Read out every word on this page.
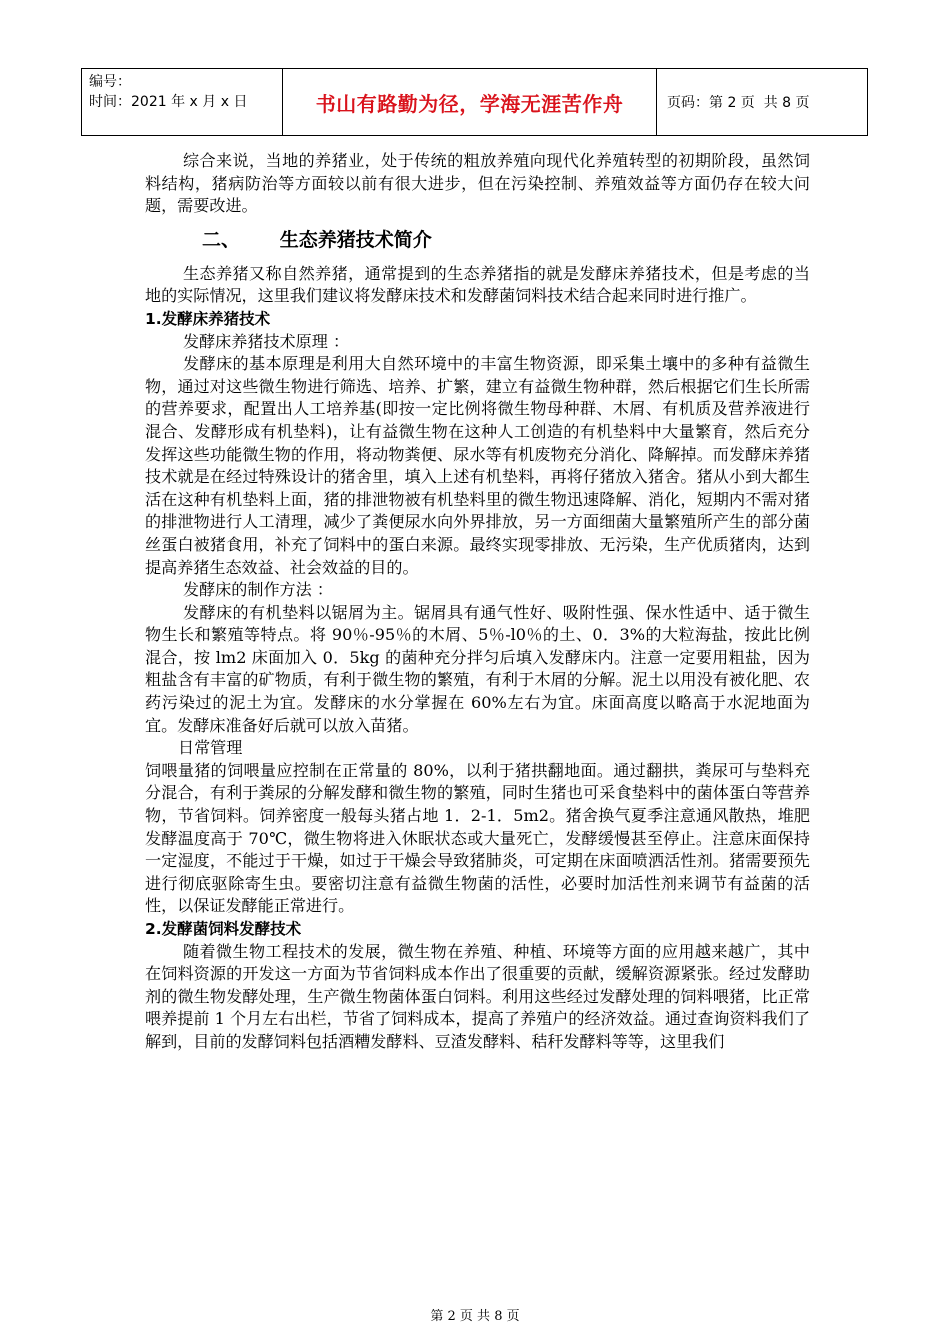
编号：
时间：2021 年 x 月 x 日	书山有路勤为径，学海无涯苦作舟	页码：第 2 页  共 8 页

综合来说，当地的养猪业，处于传统的粗放养殖向现代化养殖转型的初期阶段，虽然饲料结构，猪病防治等方面较以前有很大进步，但在污染控制、养殖效益等方面仍存在较大问题，需要改进。

二、      生态养猪技术简介

生态养猪又称自然养猪，通常提到的生态养猪指的就是发酵床养猪技术，但是考虑的当地的实际情况，这里我们建议将发酵床技术和发酵菌饲料技术结合起来同时进行推广。

1.发酵床养猪技术

发酵床养猪技术原理 ：

发酵床的基本原理是利用大自然环境中的丰富生物资源，即采集土壤中的多种有益微生物，通过对这些微生物进行筛选、培养、扩繁，建立有益微生物种群，然后根据它们生长所需的营养要求，配置出人工培养基(即按一定比例将微生物母种群、木屑、有机质及营养液进行混合、发酵形成有机垫料)，让有益微生物在这种人工创造的有机垫料中大量繁育，然后充分发挥这些功能微生物的作用，将动物粪便、尿水等有机废物充分消化、降解掉。而发酵床养猪技术就是在经过特殊设计的猪舍里，填入上述有机垫料，再将仔猪放入猪舍。猪从小到大都生活在这种有机垫料上面，猪的排泄物被有机垫料里的微生物迅速降解、消化，短期内不需对猪的排泄物进行人工清理，减少了粪便尿水向外界排放，另一方面细菌大量繁殖所产生的部分菌丝蛋白被猪食用，补充了饲料中的蛋白来源。最终实现零排放、无污染，生产优质猪肉，达到提高养猪生态效益、社会效益的目的。

发酵床的制作方法 ：

发酵床的有机垫料以锯屑为主。锯屑具有通气性好、吸附性强、保水性适中、适于微生物生长和繁殖等特点。将 90％-95％的木屑、5％-l0％的土、0．3%的大粒海盐，按此比例混合，按 lm2 床面加入 0．5kg 的菌种充分拌匀后填入发酵床内。注意一定要用粗盐，因为粗盐含有丰富的矿物质，有利于微生物的繁殖，有利于木屑的分解。泥土以用没有被化肥、农药污染过的泥土为宜。发酵床的水分掌握在 60%左右为宜。床面高度以略高于水泥地面为宜。发酵床准备好后就可以放入苗猪。

日常管理

饲喂量猪的饲喂量应控制在正常量的 80%，以利于猪拱翻地面。通过翻拱，粪尿可与垫料充分混合，有利于粪尿的分解发酵和微生物的繁殖，同时生猪也可采食垫料中的菌体蛋白等营养物，节省饲料。饲养密度一般每头猪占地 1．2-1．5m2。猪舍换气夏季注意通风散热，堆肥发酵温度高于 70℃，微生物将进入休眠状态或大量死亡，发酵缓慢甚至停止。注意床面保持一定湿度，不能过于干燥，如过于干燥会导致猪肺炎，可定期在床面喷洒活性剂。猪需要预先进行彻底驱除寄生虫。要密切注意有益微生物菌的活性，必要时加活性剂来调节有益菌的活性，以保证发酵能正常进行。

2.发酵菌饲料发酵技术

随着微生物工程技术的发展，微生物在养殖、种植、环境等方面的应用越来越广，其中在饲料资源的开发这一方面为节省饲料成本作出了很重要的贡献，缓解资源紧张。经过发酵助剂的微生物发酵处理，生产微生物菌体蛋白饲料。利用这些经过发酵处理的饲料喂猪，比正常喂养提前 1 个月左右出栏，节省了饲料成本，提高了养殖户的经济效益。通过查询资料我们了解到，目前的发酵饲料包括酒糟发酵料、豆渣发酵料、秸秆发酵料等等，这里我们

第 2 页 共 8 页
